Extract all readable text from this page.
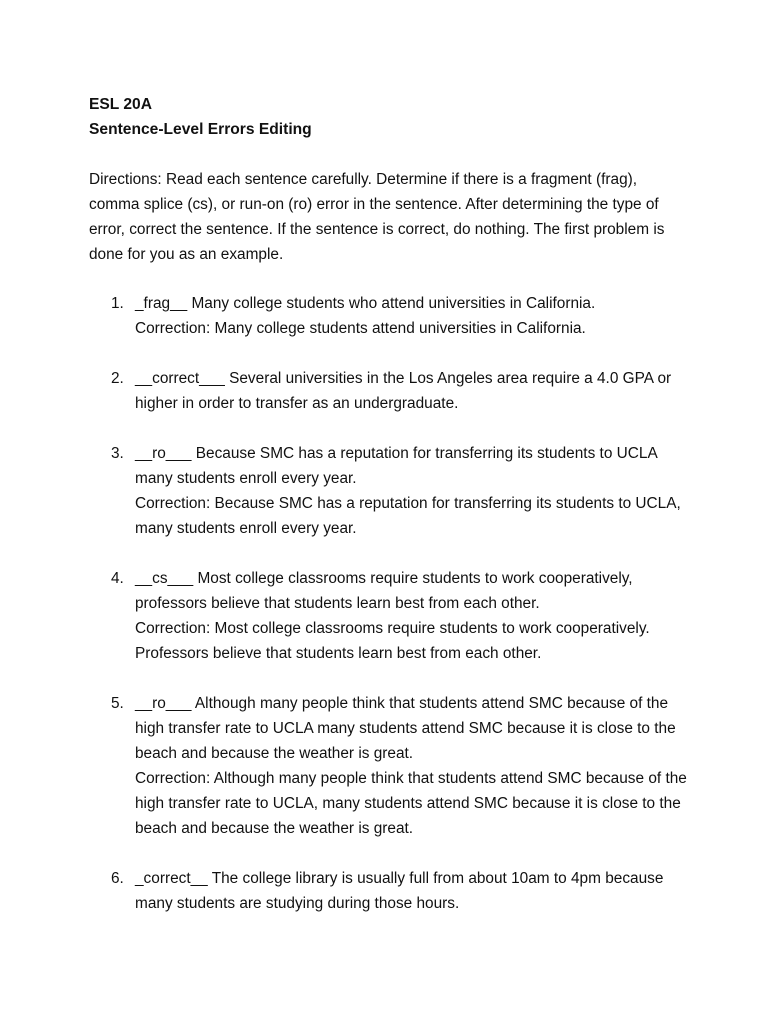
ESL 20A

Sentence-Level Errors Editing

Directions: Read each sentence carefully. Determine if there is a fragment (frag), comma splice (cs), or run-on (ro) error in the sentence. After determining the type of error, correct the sentence. If the sentence is correct, do nothing. The first problem is done for you as an example.

1. _frag__ Many college students who attend universities in California.
Correction: Many college students attend universities in California.
2. __correct___ Several universities in the Los Angeles area require a 4.0 GPA or higher in order to transfer as an undergraduate.
3. __ro___ Because SMC has a reputation for transferring its students to UCLA many students enroll every year.
Correction: Because SMC has a reputation for transferring its students to UCLA, many students enroll every year.
4. __cs___ Most college classrooms require students to work cooperatively, professors believe that students learn best from each other.
Correction: Most college classrooms require students to work cooperatively. Professors believe that students learn best from each other.
5. __ro___ Although many people think that students attend SMC because of the high transfer rate to UCLA many students attend SMC because it is close to the beach and because the weather is great.
Correction: Although many people think that students attend SMC because of the high transfer rate to UCLA, many students attend SMC because it is close to the beach and because the weather is great.
6. _correct__ The college library is usually full from about 10am to 4pm because many students are studying during those hours.
